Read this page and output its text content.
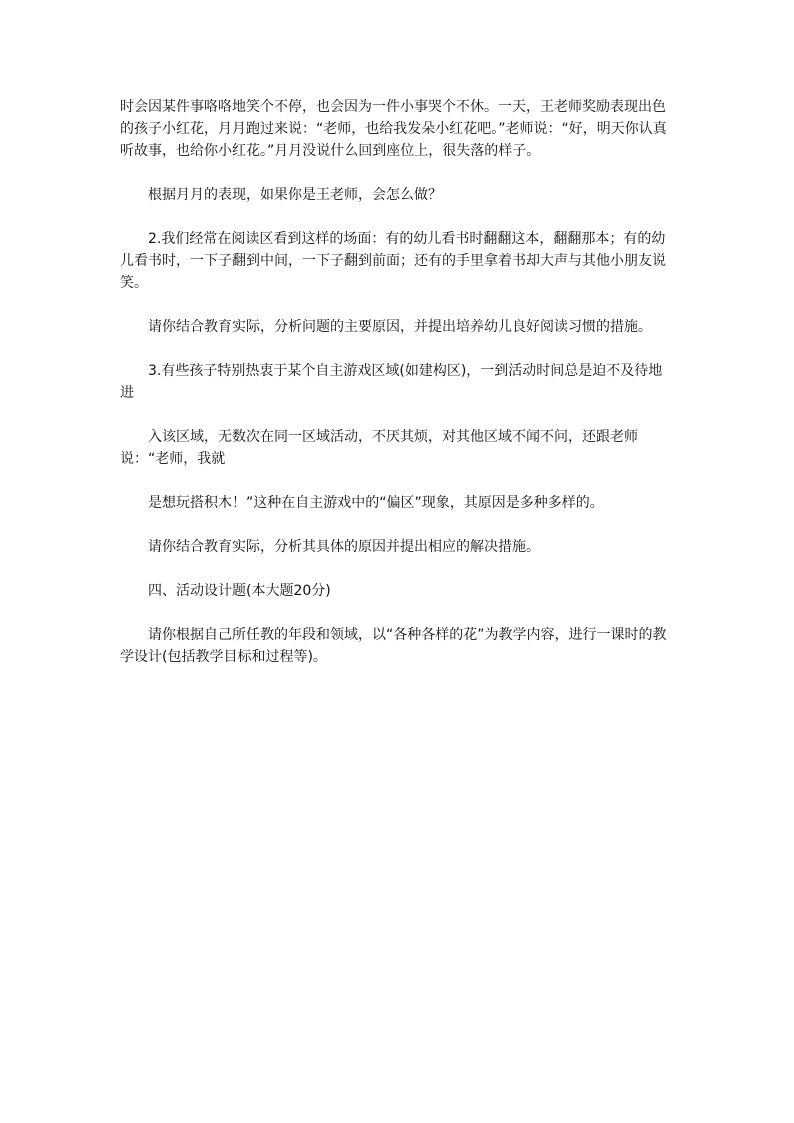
时会因某件事咯咯地笑个不停，也会因为一件小事哭个不休。一天，王老师奖励表现出色的孩子小红花，月月跑过来说：“老师，也给我发朵小红花吧。”老师说：“好，明天你认真听故事，也给你小红花。”月月没说什么回到座位上，很失落的样子。

根据月月的表现，如果你是王老师，会怎么做？

2.我们经常在阅读区看到这样的场面：有的幼儿看书时翻翻这本，翻翻那本；有的幼儿看书时，一下子翻到中间，一下子翻到前面；还有的手里拿着书却大声与其他小朋友说笑。

请你结合教育实际，分析问题的主要原因，并提出培养幼儿良好阅读习惯的措施。

3.有些孩子特别热衷于某个自主游戏区域(如建构区)，一到活动时间总是迫不及待地进

入该区域，无数次在同一区域活动，不厌其烦，对其他区域不闻不问，还跟老师说：“老师，我就

是想玩搭积木！”这种在自主游戏中的“偏区”现象，其原因是多种多样的。

请你结合教育实际，分析其具体的原因并提出相应的解决措施。

四、活动设计题(本大题20分)

请你根据自己所任教的年段和领域，以“各种各样的花”为教学内容，进行一课时的教学设计(包括教学目标和过程等)。
